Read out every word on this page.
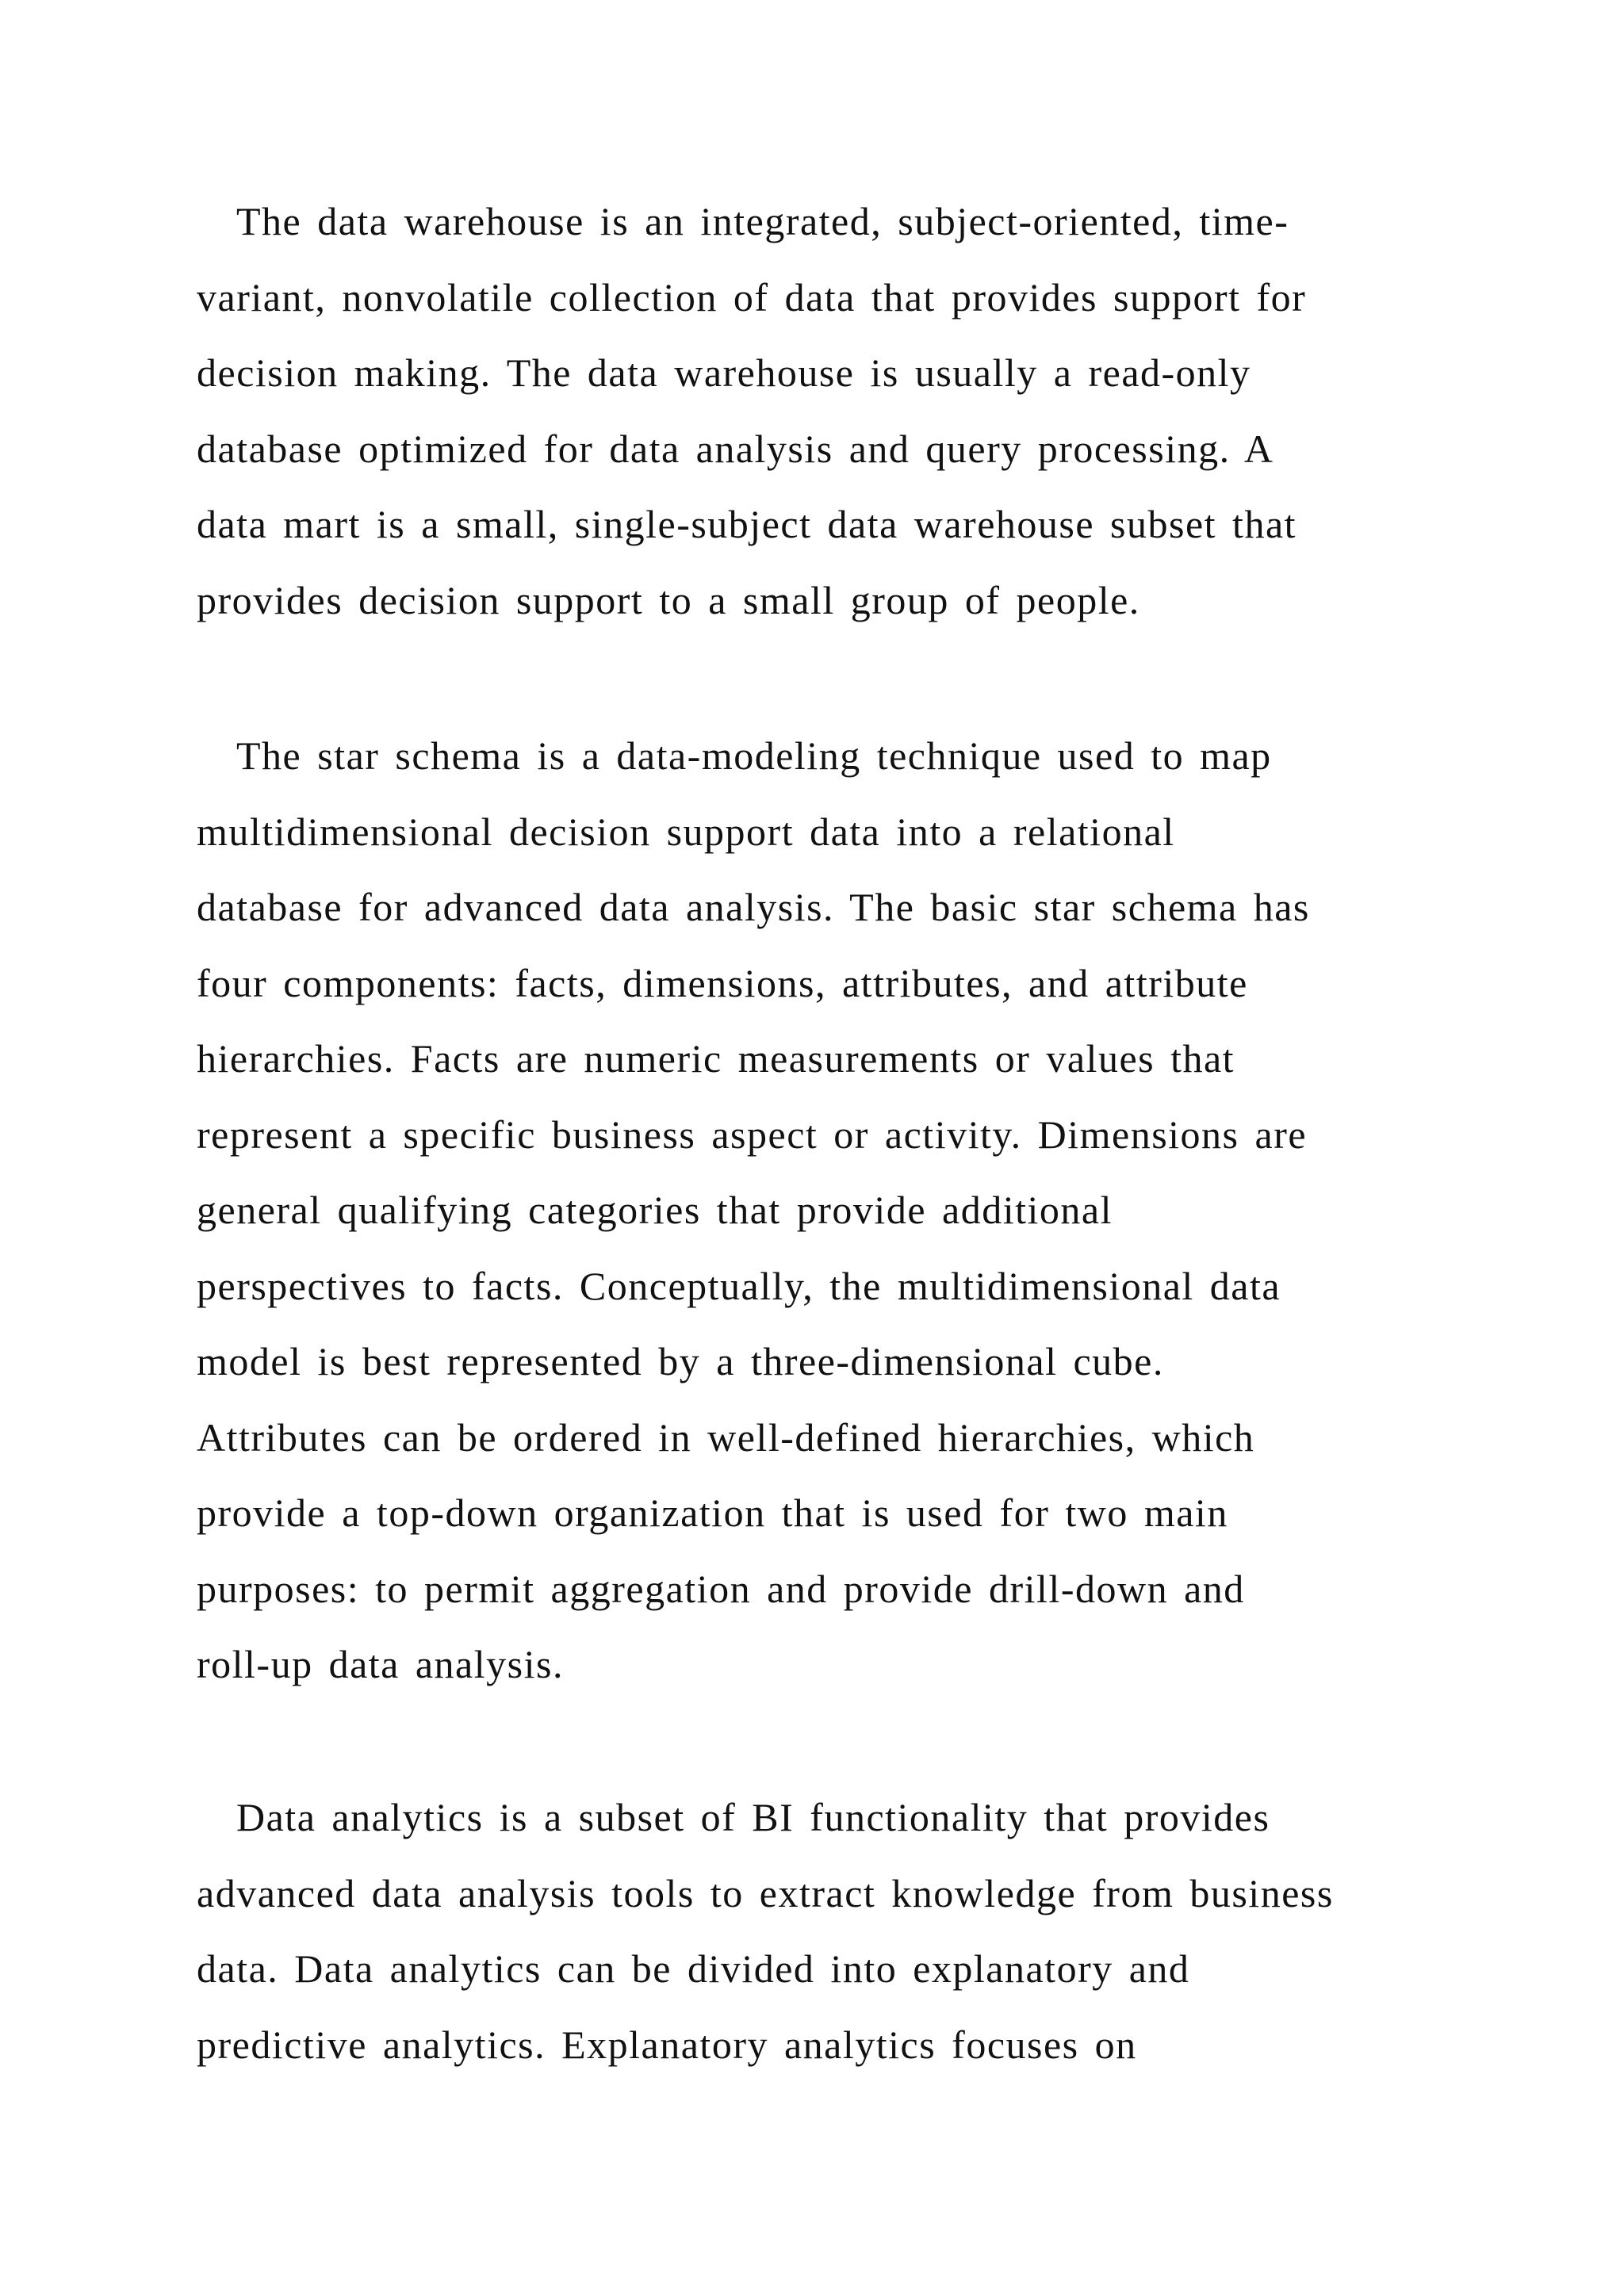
The data warehouse is an integrated, subject-oriented, time-
variant, nonvolatile collection of data that provides support for
decision making. The data warehouse is usually a read-only
database optimized for data analysis and query processing. A
data mart is a small, single-subject data warehouse subset that
provides decision support to a small group of people.
The star schema is a data-modeling technique used to map
multidimensional decision support data into a relational
database for advanced data analysis. The basic star schema has
four components: facts, dimensions, attributes, and attribute
hierarchies. Facts are numeric measurements or values that
represent a specific business aspect or activity. Dimensions are
general qualifying categories that provide additional
perspectives to facts. Conceptually, the multidimensional data
model is best represented by a three-dimensional cube.
Attributes can be ordered in well-defined hierarchies, which
provide a top-down organization that is used for two main
purposes: to permit aggregation and provide drill-down and
roll-up data analysis.
Data analytics is a subset of BI functionality that provides
advanced data analysis tools to extract knowledge from business
data. Data analytics can be divided into explanatory and
predictive analytics. Explanatory analytics focuses on
